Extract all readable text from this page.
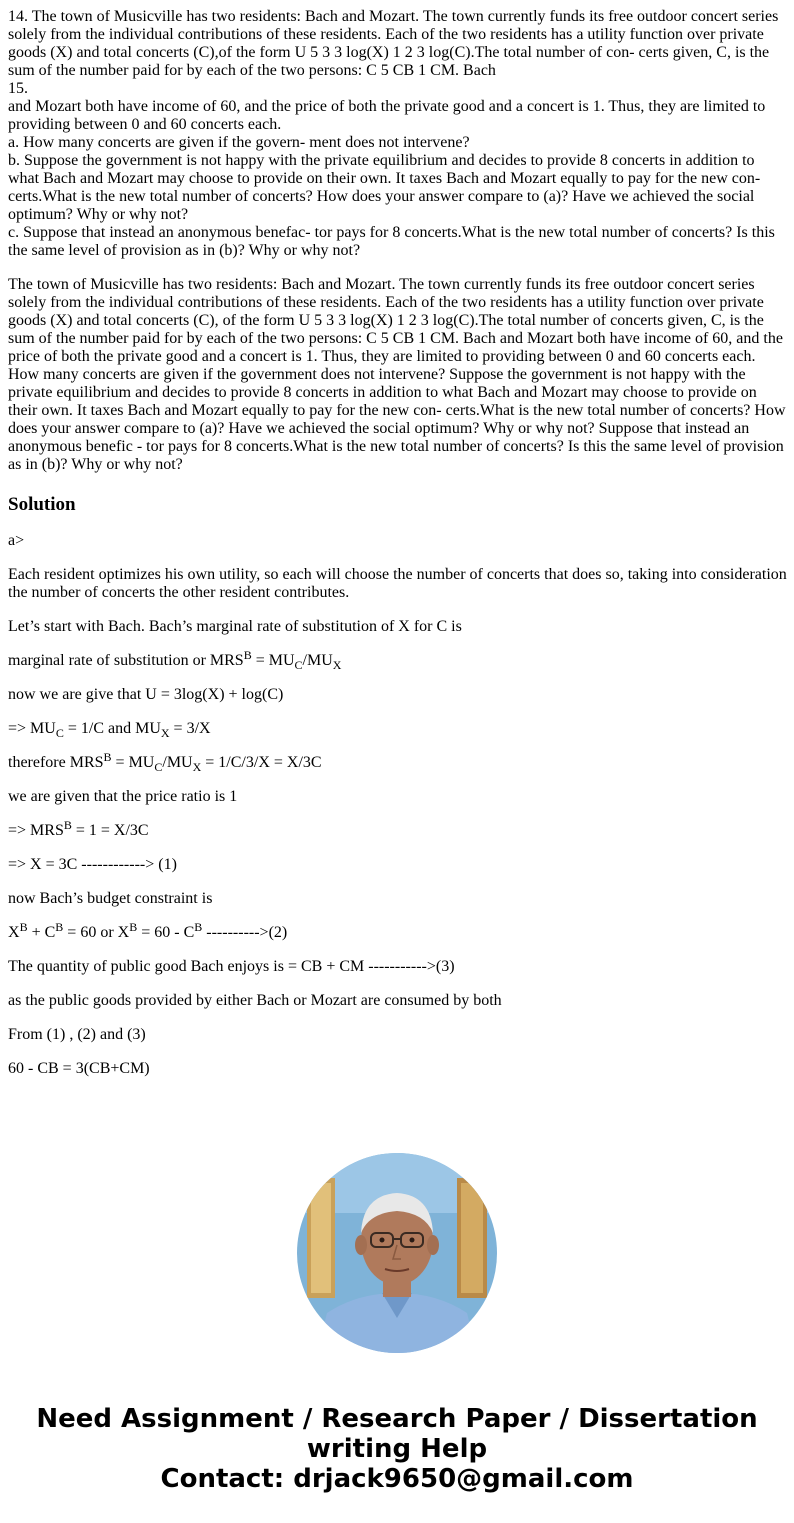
14. The town of Musicville has two residents: Bach and Mozart. The town currently funds its free outdoor concert series solely from the individual contributions of these residents. Each of the two residents has a utility function over private goods (X) and total concerts (C),of the form U 5 3 3 log(X) 1 2 3 log(C).The total number of con- certs given, C, is the sum of the number paid for by each of the two persons: C 5 CB 1 CM. Bach
15.
and Mozart both have income of 60, and the price of both the private good and a concert is 1. Thus, they are limited to providing between 0 and 60 concerts each.
a. How many concerts are given if the govern- ment does not intervene?
b. Suppose the government is not happy with the private equilibrium and decides to provide 8 concerts in addition to what Bach and Mozart may choose to provide on their own. It taxes Bach and Mozart equally to pay for the new con- certs.What is the new total number of concerts? How does your answer compare to (a)? Have we achieved the social optimum? Why or why not?
c. Suppose that instead an anonymous benefac- tor pays for 8 concerts.What is the new total number of concerts? Is this the same level of provision as in (b)? Why or why not?

The town of Musicville has two residents: Bach and Mozart. The town currently funds its free outdoor concert series solely from the individual contributions of these residents. Each of the two residents has a utility function over private goods (X) and total concerts (C), of the form U 5 3 3 log(X) 1 2 3 log(C).The total number of concerts given, C, is the sum of the number paid for by each of the two persons: C 5 CB 1 CM. Bach and Mozart both have income of 60, and the price of both the private good and a concert is 1. Thus, they are limited to providing between 0 and 60 concerts each. How many concerts are given if the government does not intervene? Suppose the government is not happy with the private equilibrium and decides to provide 8 concerts in addition to what Bach and Mozart may choose to provide on their own. It taxes Bach and Mozart equally to pay for the new con- certs.What is the new total number of concerts? How does your answer compare to (a)? Have we achieved the social optimum? Why or why not? Suppose that instead an anonymous benefic - tor pays for 8 concerts.What is the new total number of concerts? Is this the same level of provision as in (b)? Why or why not?

Solution

a>

Each resident optimizes his own utility, so each will choose the number of concerts that does so, taking into consideration the number of concerts the other resident contributes.

Let’s start with Bach. Bach’s marginal rate of substitution of X for C is

marginal rate of substitution or $MRS^B = MU_C/MU_X$

now we are give that U = 3log(X) + log(C)

=> $MU_C = 1/C$ and $MU_X = 3/X$

therefore $MRS^B = MU_C/MU_X = 1/C/3/X = X/3C$

we are given that the price ratio is 1

=> $MRS^B = 1 = X/3C$

=> X = 3C ------------> (1)

now Bach’s budget constraint is

$X^B + C^B = 60$ or $X^B = 60 - C^B$ ---------->(2)

The quantity of public good Bach enjoys is = CB + CM ----------->(3)

as the public goods provided by either Bach or Mozart are consumed by both

From (1) , (2) and (3)

60 - CB = 3(CB+CM)

Need Assignment / Research Paper / Dissertation writing Help
Contact: drjack9650@gmail.com
